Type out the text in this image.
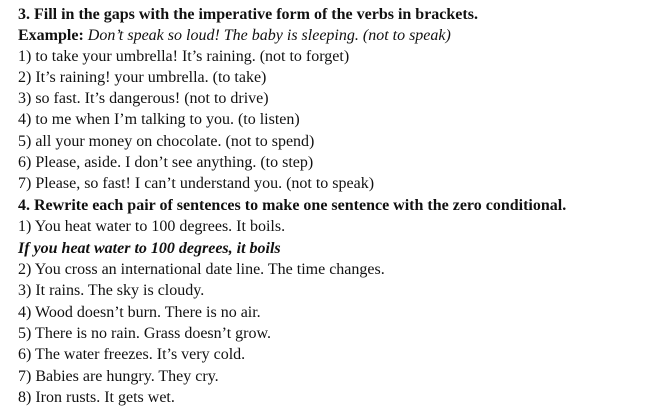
3. Fill in the gaps with the imperative form of the verbs in brackets.
Example: Don’t speak so loud! The baby is sleeping. (not to speak)
1) to take your umbrella! It’s raining. (not to forget)
2) It’s raining! your umbrella. (to take)
3) so fast. It’s dangerous! (not to drive)
4) to me when I’m talking to you. (to listen)
5) all your money on chocolate. (not to spend)
6) Please, aside. I don’t see anything. (to step)
7) Please, so fast! I can’t understand you. (not to speak)
4. Rewrite each pair of sentences to make one sentence with the zero conditional.
1) You heat water to 100 degrees. It boils.
If you heat water to 100 degrees, it boils
2) You cross an international date line. The time changes.
3) It rains. The sky is cloudy.
4) Wood doesn’t burn. There is no air.
5) There is no rain. Grass doesn’t grow.
6) The water freezes. It’s very cold.
7) Babies are hungry. They cry.
8) Iron rusts. It gets wet.
